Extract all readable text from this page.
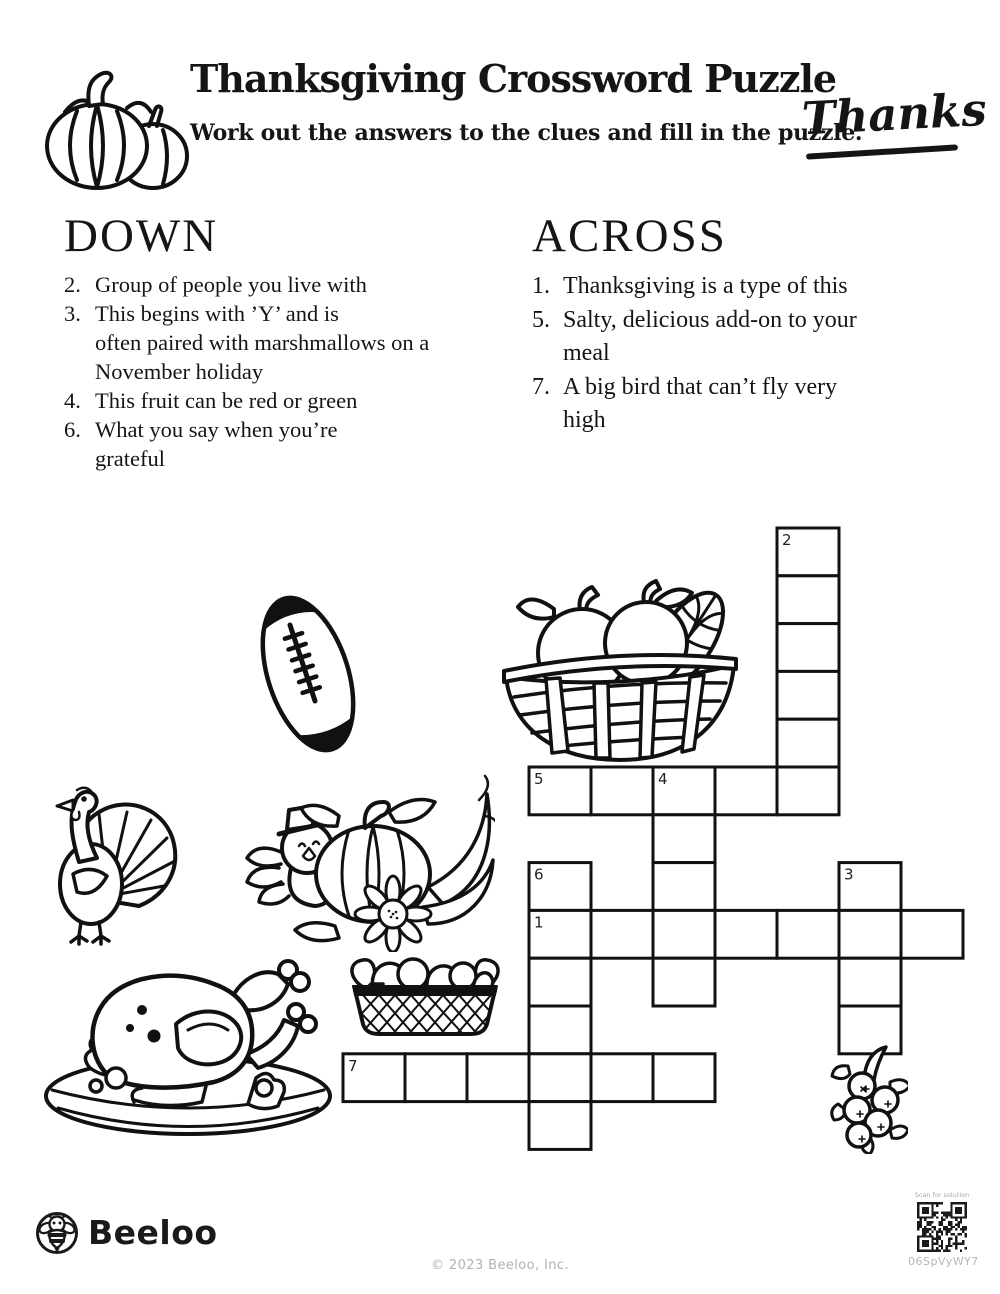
Thanksgiving Crossword Puzzle
Work out the answers to the clues and fill in the puzzle.
Thanks
DOWN
2. Group of people you live with
3. This begins with ’Y’ and is
often paired with marshmallows on a
November holiday
4. This fruit can be red or green
6. What you say when you’re
grateful
ACROSS
1. Thanksgiving is a type of this
5. Salty, delicious add-on to your
meal
7. A big bird that can’t fly very
high
2
5	4
6	3
1
7
Beeloo
© 2023 Beeloo, Inc.
Scan for solution
06SpVyWY7
